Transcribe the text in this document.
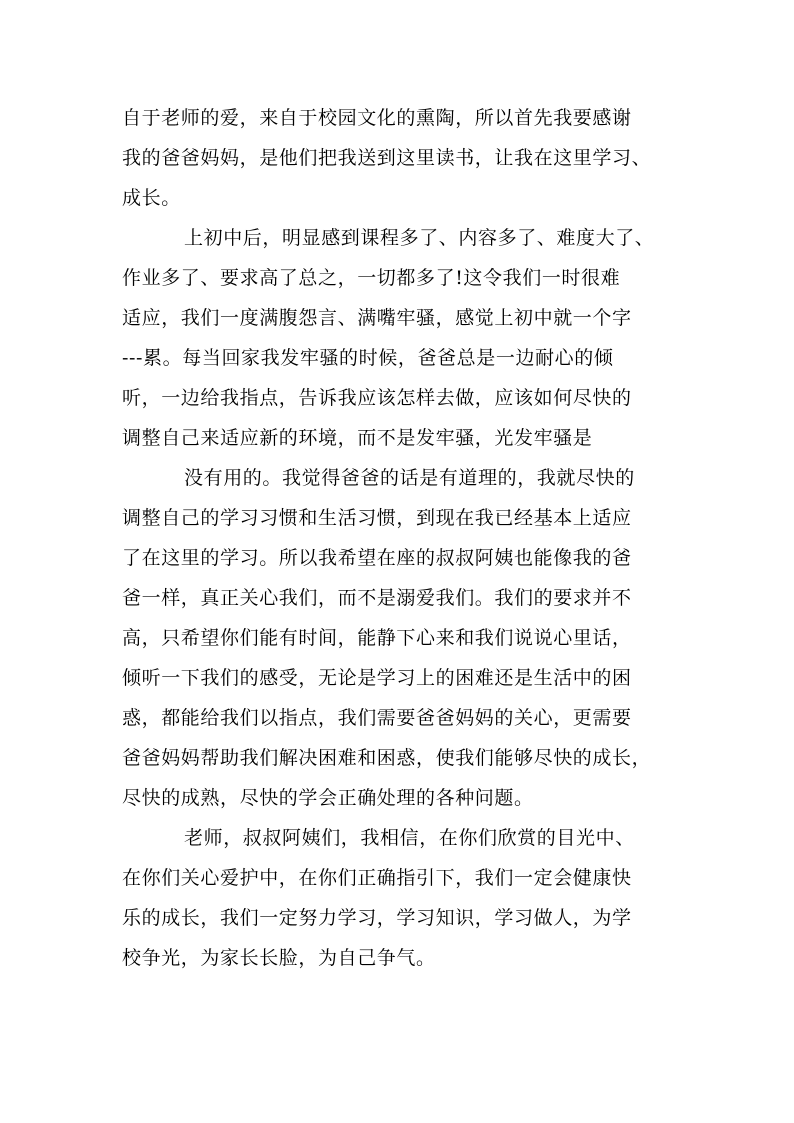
自于老师的爱，来自于校园文化的熏陶，所以首先我要感谢
我的爸爸妈妈，是他们把我送到这里读书，让我在这里学习、
成长。
上初中后，明显感到课程多了、内容多了、难度大了、
作业多了、要求高了总之，一切都多了!这令我们一时很难
适应，我们一度满腹怨言、满嘴牢骚，感觉上初中就一个字
---累。每当回家我发牢骚的时候，爸爸总是一边耐心的倾
听，一边给我指点，告诉我应该怎样去做，应该如何尽快的
调整自己来适应新的环境，而不是发牢骚，光发牢骚是
没有用的。我觉得爸爸的话是有道理的，我就尽快的
调整自己的学习习惯和生活习惯，到现在我已经基本上适应
了在这里的学习。所以我希望在座的叔叔阿姨也能像我的爸
爸一样，真正关心我们，而不是溺爱我们。我们的要求并不
高，只希望你们能有时间，能静下心来和我们说说心里话，
倾听一下我们的感受，无论是学习上的困难还是生活中的困
惑，都能给我们以指点，我们需要爸爸妈妈的关心，更需要
爸爸妈妈帮助我们解决困难和困惑，使我们能够尽快的成长，
尽快的成熟，尽快的学会正确处理的各种问题。
老师，叔叔阿姨们，我相信，在你们欣赏的目光中、
在你们关心爱护中，在你们正确指引下，我们一定会健康快
乐的成长，我们一定努力学习，学习知识，学习做人，为学
校争光，为家长长脸，为自己争气。
